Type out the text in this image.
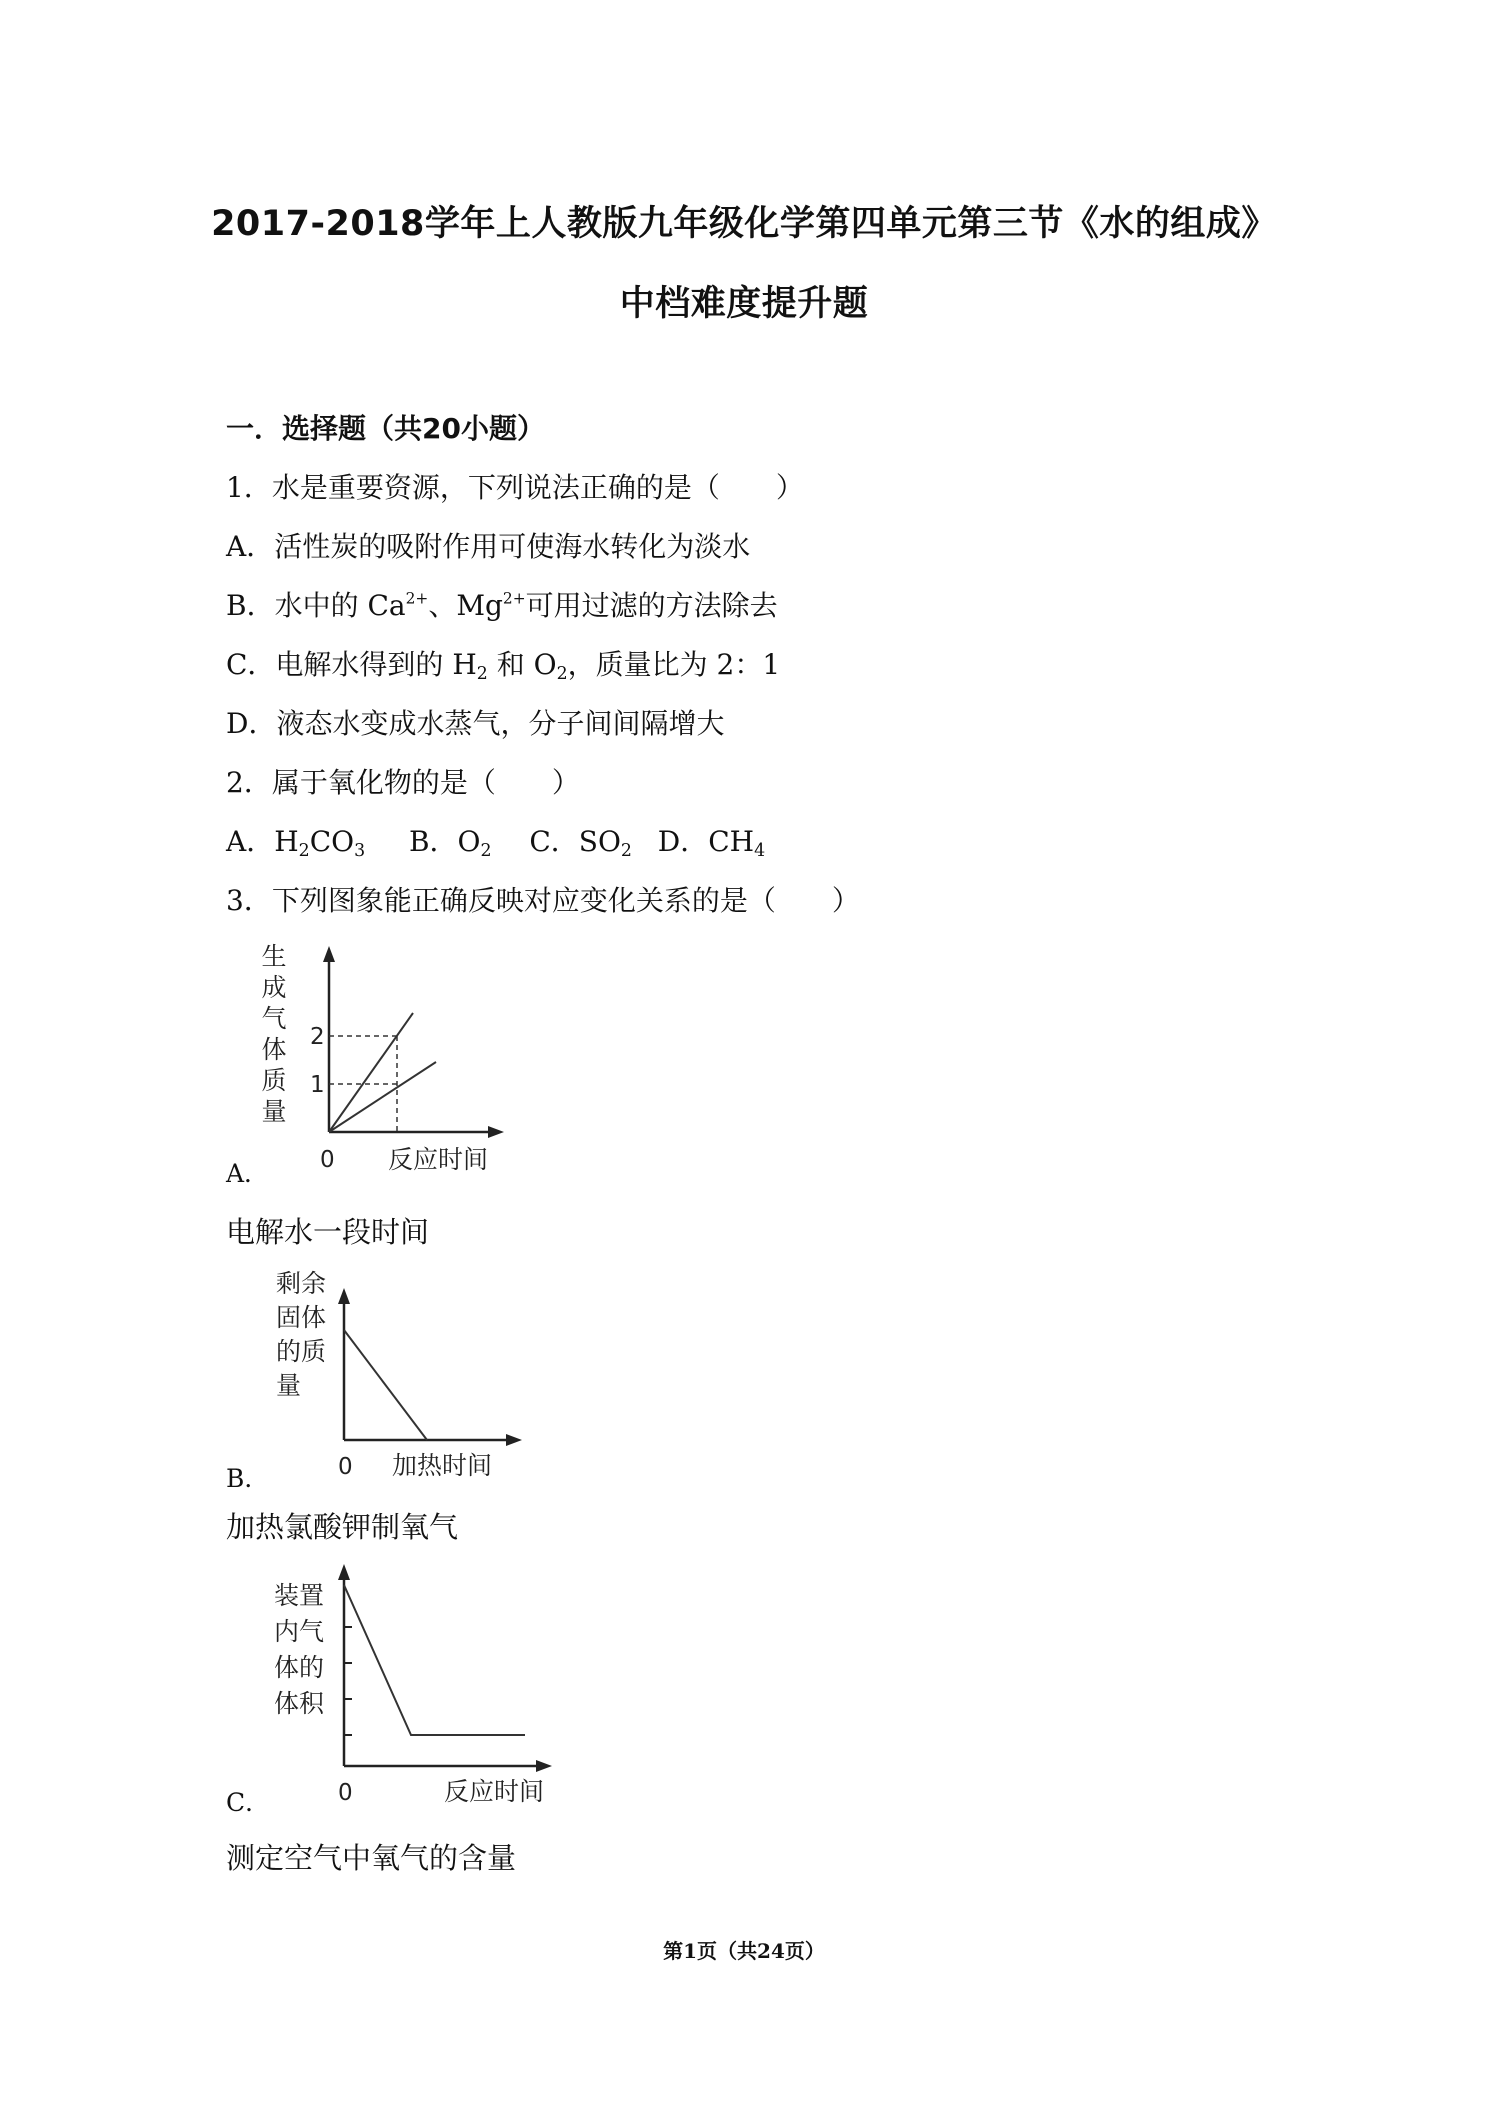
2017-2018学年上人教版九年级化学第四单元第三节《水的组成》
中档难度提升题
一．选择题（共20小题）
1．水是重要资源，下列说法正确的是（　　）
A．活性炭的吸附作用可使海水转化为淡水
B．水中的 $Ca^{2+}$、$Mg^{2+}$可用过滤的方法除去
C．电解水得到的 $H_2$ 和 $O_2$，质量比为 2：1
D．液态水变成水蒸气，分子间间隔增大
2．属于氧化物的是（　　）
A．$H_2CO_3$ B．$O_2$ C．$SO_2$ D．$CH_4$
3．下列图象能正确反映对应变化关系的是（　　）
生
成
气
体
质
量
2
1
0 反应时间
A．
电解水一段时间
剩余
固体
的质
量
0 加热时间
B．
加热氯酸钾制氧气
装置
内气
体的
体积
0	反应时间
C．
测定空气中氧气的含量
第1页（共24页）
